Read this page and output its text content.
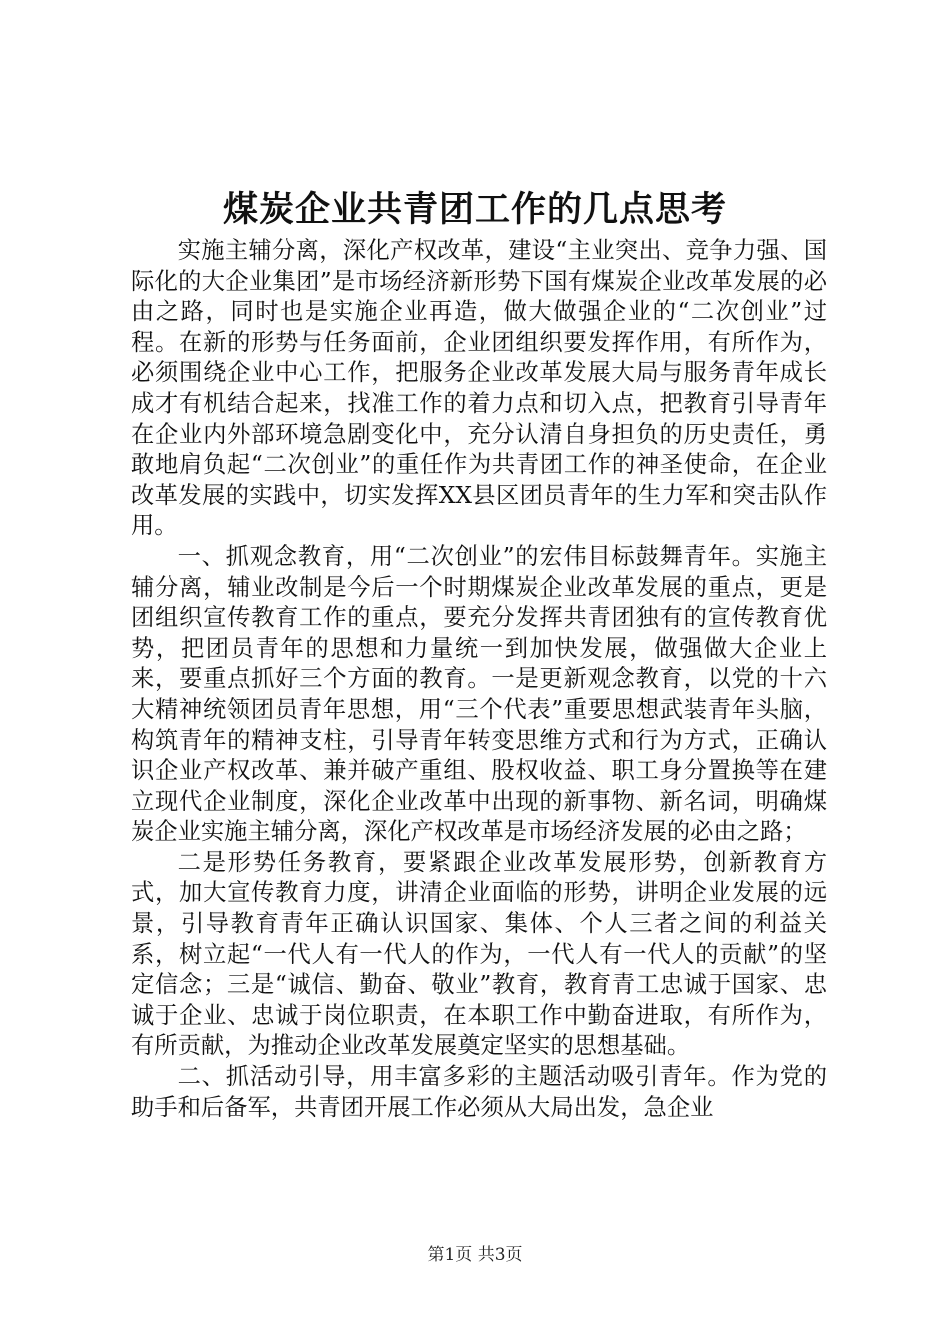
煤炭企业共青团工作的几点思考

实施主辅分离，深化产权改革，建设“主业突出、竞争力强、国际化的大企业集团”是市场经济新形势下国有煤炭企业改革发展的必由之路，同时也是实施企业再造，做大做强企业的“二次创业”过程。在新的形势与任务面前，企业团组织要发挥作用，有所作为，必须围绕企业中心工作，把服务企业改革发展大局与服务青年成长成才有机结合起来，找准工作的着力点和切入点，把教育引导青年在企业内外部环境急剧变化中，充分认清自身担负的历史责任，勇敢地肩负起“二次创业”的重任作为共青团工作的神圣使命，在企业改革发展的实践中，切实发挥XX县区团员青年的生力军和突击队作用。

一、抓观念教育，用“二次创业”的宏伟目标鼓舞青年。实施主辅分离，辅业改制是今后一个时期煤炭企业改革发展的重点，更是团组织宣传教育工作的重点，要充分发挥共青团独有的宣传教育优势，把团员青年的思想和力量统一到加快发展，做强做大企业上来，要重点抓好三个方面的教育。一是更新观念教育，以党的十六大精神统领团员青年思想，用“三个代表”重要思想武装青年头脑，构筑青年的精神支柱，引导青年转变思维方式和行为方式，正确认识企业产权改革、兼并破产重组、股权收益、职工身分置换等在建立现代企业制度，深化企业改革中出现的新事物、新名词，明确煤炭企业实施主辅分离，深化产权改革是市场经济发展的必由之路；

二是形势任务教育，要紧跟企业改革发展形势，创新教育方式，加大宣传教育力度，讲清企业面临的形势，讲明企业发展的远景，引导教育青年正确认识国家、集体、个人三者之间的利益关系，树立起“一代人有一代人的作为，一代人有一代人的贡献”的坚定信念；三是“诚信、勤奋、敬业”教育，教育青工忠诚于国家、忠诚于企业、忠诚于岗位职责，在本职工作中勤奋进取，有所作为，有所贡献，为推动企业改革发展奠定坚实的思想基础。

二、抓活动引导，用丰富多彩的主题活动吸引青年。作为党的助手和后备军，共青团开展工作必须从大局出发，急企业

第1页 共3页
